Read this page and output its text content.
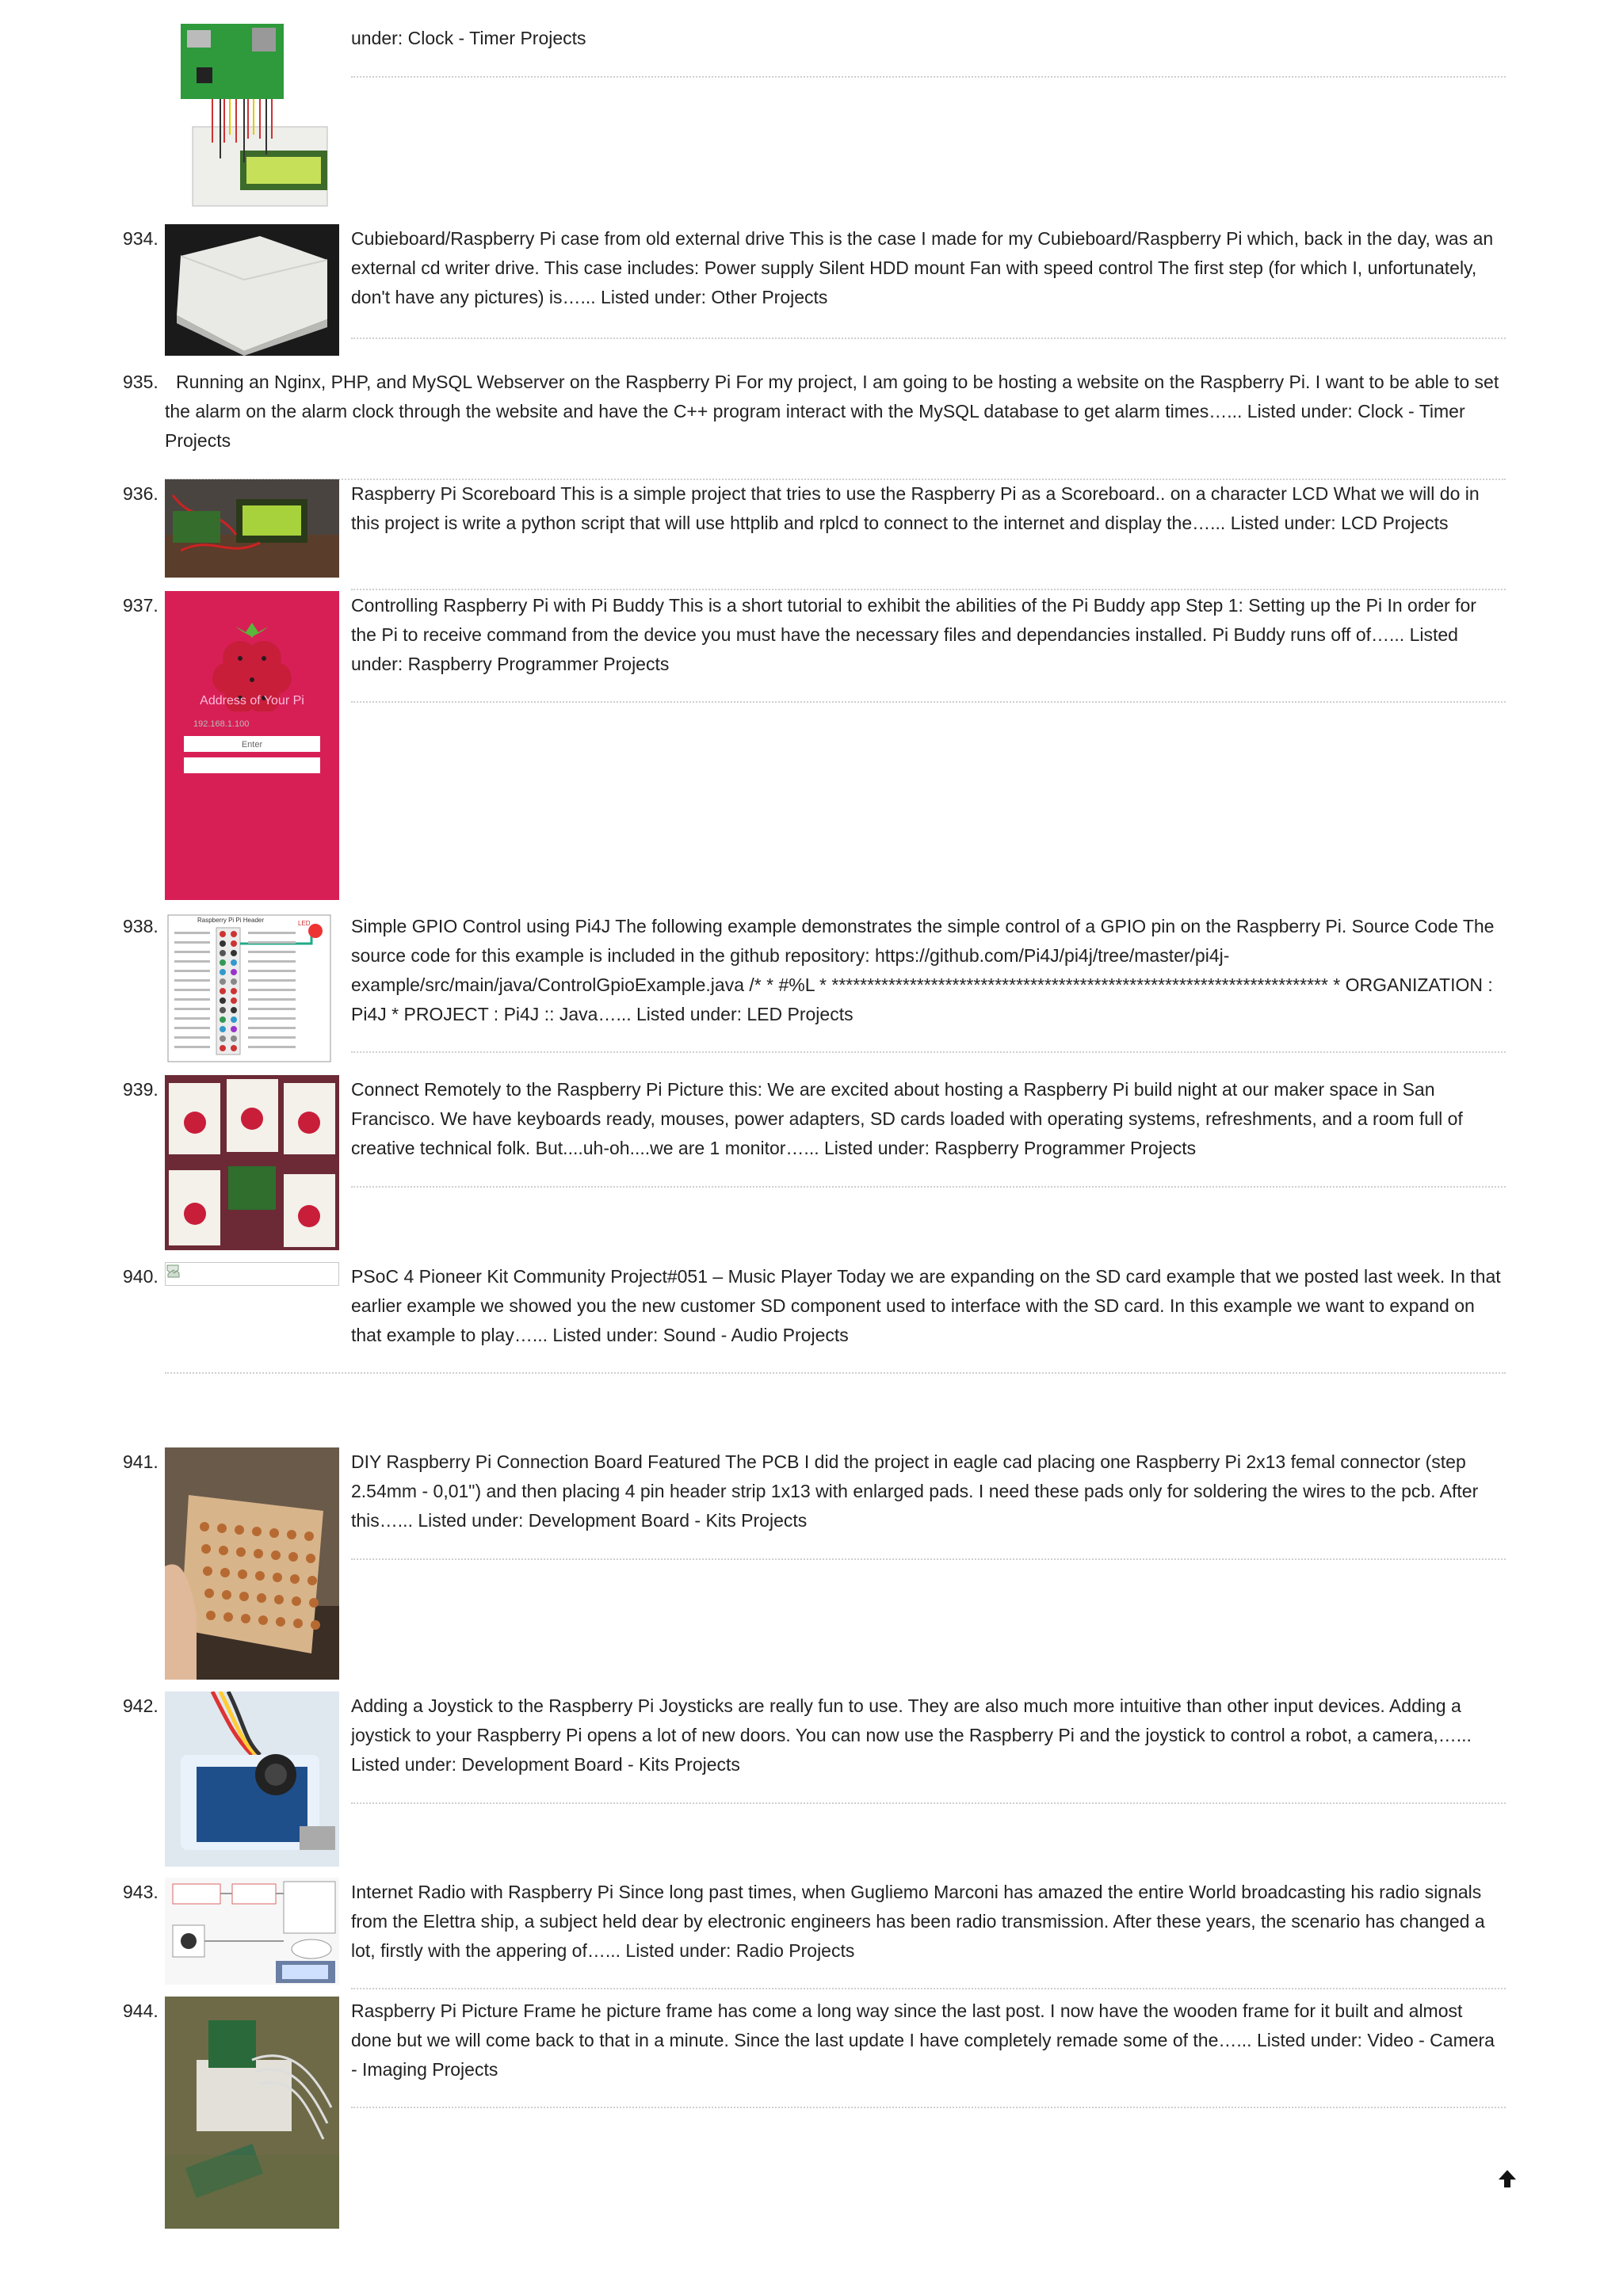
under: Clock - Timer Projects
934.	Cubieboard/Raspberry Pi case from old external drive This is the case I made for my Cubieboard/Raspberry Pi which, back in the day, was an external cd writer drive. This case includes: Power supply Silent HDD mount Fan with speed control The first step (for which I, unfortunately, don't have any pictures) is…... Listed under: Other Projects
935. Running an Nginx, PHP, and MySQL Webserver on the Raspberry Pi For my project, I am going to be hosting a website on the Raspberry Pi. I want to be able to set the alarm on the alarm clock through the website and have the C++ program interact with the MySQL database to get alarm times…... Listed under: Clock - Timer Projects
936.	Raspberry Pi Scoreboard This is a simple project that tries to use the Raspberry Pi as a Scoreboard.. on a character LCD What we will do in this project is write a python script that will use httplib and rplcd to connect to the internet and display the…... Listed under: LCD Projects
937.
Address of Your Pi
192.168.1.100
Enter
Controlling Raspberry Pi with Pi Buddy This is a short tutorial to exhibit the abilities of the Pi Buddy app Step 1: Setting up the Pi In order for the Pi to receive command from the device you must have the necessary files and dependancies installed. Pi Buddy runs off of…... Listed under: Raspberry Programmer Projects
938.	Raspberry Pi Pi Header	LED Simple GPIO Control using Pi4J The following example demonstrates the simple control of a GPIO pin on the Raspberry Pi. Source Code The source code for this example is included in the github repository: https://github.com/Pi4J/pi4j/tree/master/pi4j-example/src/main/java/ControlGpioExample.java /* * #%L * ********************************************************************** * ORGANIZATION : Pi4J * PROJECT : Pi4J :: Java…... Listed under: LED Projects
939.	Connect Remotely to the Raspberry Pi Picture this: We are excited about hosting a Raspberry Pi build night at our maker space in San Francisco. We have keyboards ready, mouses, power adapters, SD cards loaded with operating systems, refreshments, and a room full of creative technical folk. But....uh-oh....we are 1 monitor…... Listed under: Raspberry Programmer Projects
940.	PSoC 4 Pioneer Kit Community Project#051 – Music Player Today we are expanding on the SD card example that we posted last week. In that earlier example we showed you the new customer SD component used to interface with the SD card. In this example we want to expand on that example to play…... Listed under: Sound - Audio Projects
941.	DIY Raspberry Pi Connection Board Featured The PCB I did the project in eagle cad placing one Raspberry Pi 2x13 femal connector (step 2.54mm - 0,01") and then placing 4 pin header strip 1x13 with enlarged pads. I need these pads only for soldering the wires to the pcb. After this…... Listed under: Development Board - Kits Projects
942.	Adding a Joystick to the Raspberry Pi Joysticks are really fun to use. They are also much more intuitive than other input devices. Adding a joystick to your Raspberry Pi opens a lot of new doors. You can now use the Raspberry Pi and the joystick to control a robot, a camera,…... Listed under: Development Board - Kits Projects
943.	Internet Radio with Raspberry Pi Since long past times, when Gugliemo Marconi has amazed the entire World broadcasting his radio signals from the Elettra ship, a subject held dear by electronic engineers has been radio transmission. After these years, the scenario has changed a lot, firstly with the appering of…... Listed under: Radio Projects
944.	Raspberry Pi Picture Frame he picture frame has come a long way since the last post. I now have the wooden frame for it built and almost done but we will come back to that in a minute. Since the last update I have completely remade some of the…... Listed under: Video - Camera - Imaging Projects
